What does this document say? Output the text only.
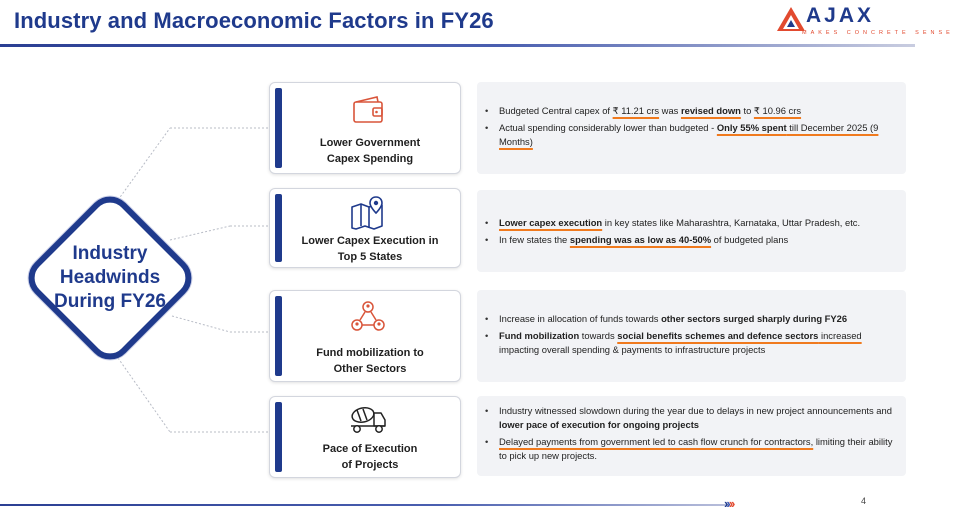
Industry and Macroeconomic Factors in FY26	AJAX
MAKES CONCRETE SENSE
Industry
Headwinds
During FY26
Lower Government
Capex Spending
Lower Capex Execution in
Top 5 States
Fund mobilization to
Other Sectors
Pace of Execution
of Projects
• Budgeted Central capex of ₹ 11.21 crs was revised down to ₹ 10.96 crs
• Actual spending considerably lower than budgeted - Only 55% spent till December 2025 (9 Months)
• Lower capex execution in key states like Maharashtra, Karnataka, Uttar Pradesh, etc.
• In few states the spending was as low as 40-50% of budgeted plans
• Increase in allocation of funds towards other sectors surged sharply during FY26
• Fund mobilization towards social benefits schemes and defence sectors increased impacting overall spending & payments to infrastructure projects
• Industry witnessed slowdown during the year due to delays in new project announcements and lower pace of execution for ongoing projects
• Delayed payments from government led to cash flow crunch for contractors, limiting their ability to pick up new projects.
››››	4
